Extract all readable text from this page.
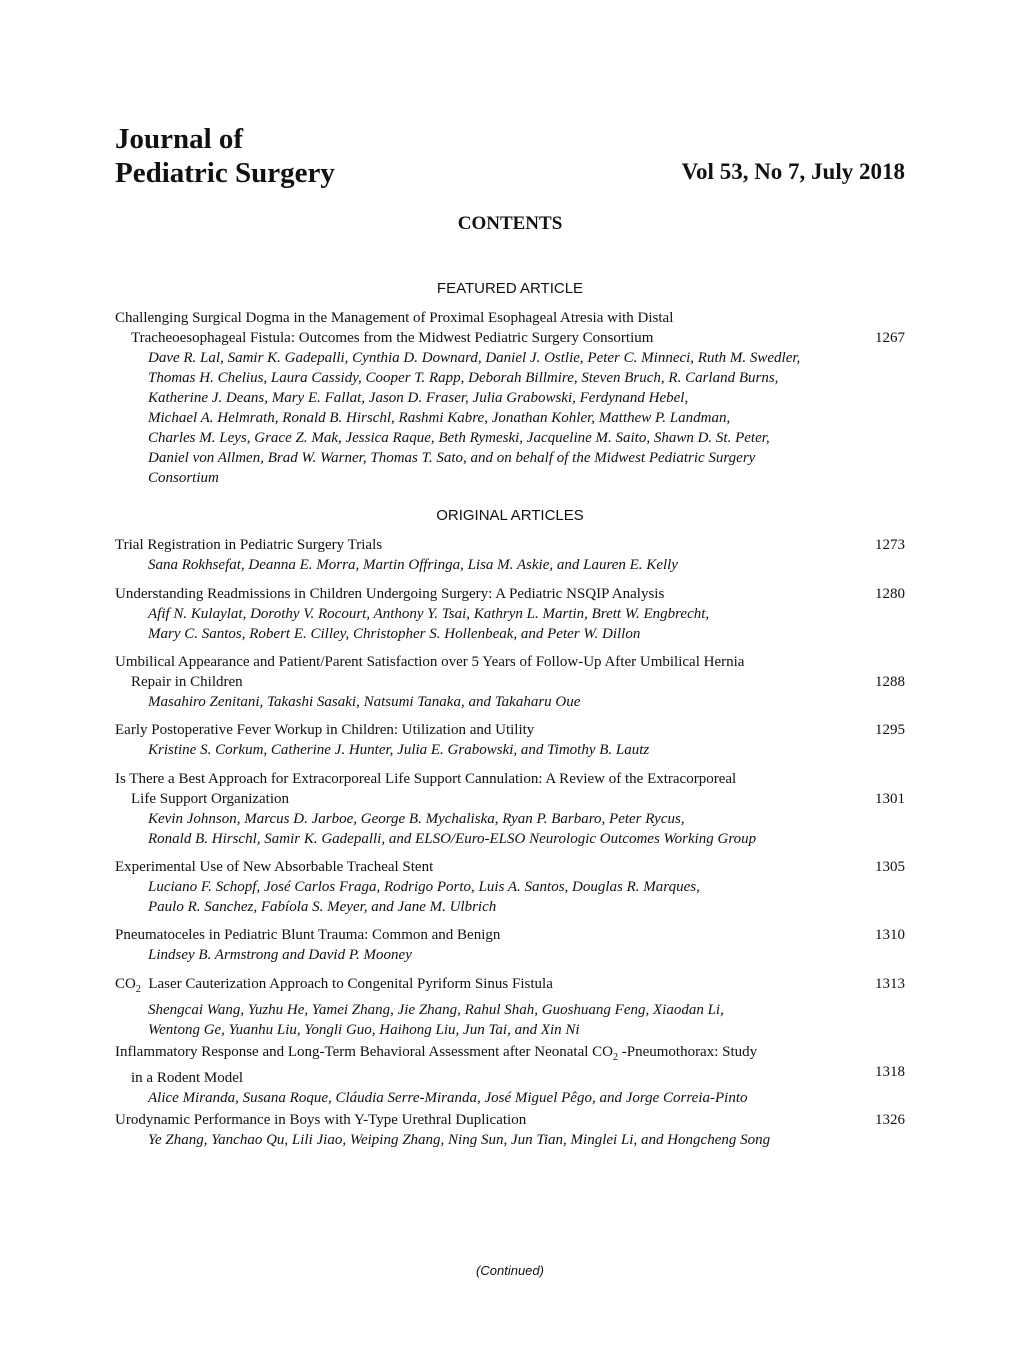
Journal of
Pediatric Surgery	Vol 53, No 7, July 2018
CONTENTS
FEATURED ARTICLE
Challenging Surgical Dogma in the Management of Proximal Esophageal Atresia with Distal
Tracheoesophageal Fistula: Outcomes from the Midwest Pediatric Surgery Consortium	1267
Dave R. Lal, Samir K. Gadepalli, Cynthia D. Downard, Daniel J. Ostlie, Peter C. Minneci, Ruth M. Swedler,
Thomas H. Chelius, Laura Cassidy, Cooper T. Rapp, Deborah Billmire, Steven Bruch, R. Carland Burns,
Katherine J. Deans, Mary E. Fallat, Jason D. Fraser, Julia Grabowski, Ferdynand Hebel,
Michael A. Helmrath, Ronald B. Hirschl, Rashmi Kabre, Jonathan Kohler, Matthew P. Landman,
Charles M. Leys, Grace Z. Mak, Jessica Raque, Beth Rymeski, Jacqueline M. Saito, Shawn D. St. Peter,
Daniel von Allmen, Brad W. Warner, Thomas T. Sato, and on behalf of the Midwest Pediatric Surgery
Consortium
ORIGINAL ARTICLES
Trial Registration in Pediatric Surgery Trials	1273
Sana Rokhsefat, Deanna E. Morra, Martin Offringa, Lisa M. Askie, and Lauren E. Kelly
Understanding Readmissions in Children Undergoing Surgery: A Pediatric NSQIP Analysis	1280
Afif N. Kulaylat, Dorothy V. Rocourt, Anthony Y. Tsai, Kathryn L. Martin, Brett W. Engbrecht,
Mary C. Santos, Robert E. Cilley, Christopher S. Hollenbeak, and Peter W. Dillon
Umbilical Appearance and Patient/Parent Satisfaction over 5 Years of Follow-Up After Umbilical Hernia
Repair in Children	1288
Masahiro Zenitani, Takashi Sasaki, Natsumi Tanaka, and Takaharu Oue
Early Postoperative Fever Workup in Children: Utilization and Utility	1295
Kristine S. Corkum, Catherine J. Hunter, Julia E. Grabowski, and Timothy B. Lautz
Is There a Best Approach for Extracorporeal Life Support Cannulation: A Review of the Extracorporeal
Life Support Organization	1301
Kevin Johnson, Marcus D. Jarboe, George B. Mychaliska, Ryan P. Barbaro, Peter Rycus,
Ronald B. Hirschl, Samir K. Gadepalli, and ELSO/Euro-ELSO Neurologic Outcomes Working Group
Experimental Use of New Absorbable Tracheal Stent	1305
Luciano F. Schopf, José Carlos Fraga, Rodrigo Porto, Luis A. Santos, Douglas R. Marques,
Paulo R. Sanchez, Fabíola S. Meyer, and Jane M. Ulbrich
Pneumatoceles in Pediatric Blunt Trauma: Common and Benign	1310
Lindsey B. Armstrong and David P. Mooney
$CO_2$  Laser Cauterization Approach to Congenital Pyriform Sinus Fistula	1313
Shengcai Wang, Yuzhu He, Yamei Zhang, Jie Zhang, Rahul Shah, Guoshuang Feng, Xiaodan Li,
Wentong Ge, Yuanhu Liu, Yongli Guo, Haihong Liu, Jun Tai, and Xin Ni
Inflammatory Response and Long-Term Behavioral Assessment after Neonatal $CO_2$ -Pneumothorax: Study
in a Rodent Model	1318
Alice Miranda, Susana Roque, Cláudia Serre-Miranda, José Miguel Pêgo, and Jorge Correia-Pinto
Urodynamic Performance in Boys with Y-Type Urethral Duplication	1326
Ye Zhang, Yanchao Qu, Lili Jiao, Weiping Zhang, Ning Sun, Jun Tian, Minglei Li, and Hongcheng Song
(Continued)
